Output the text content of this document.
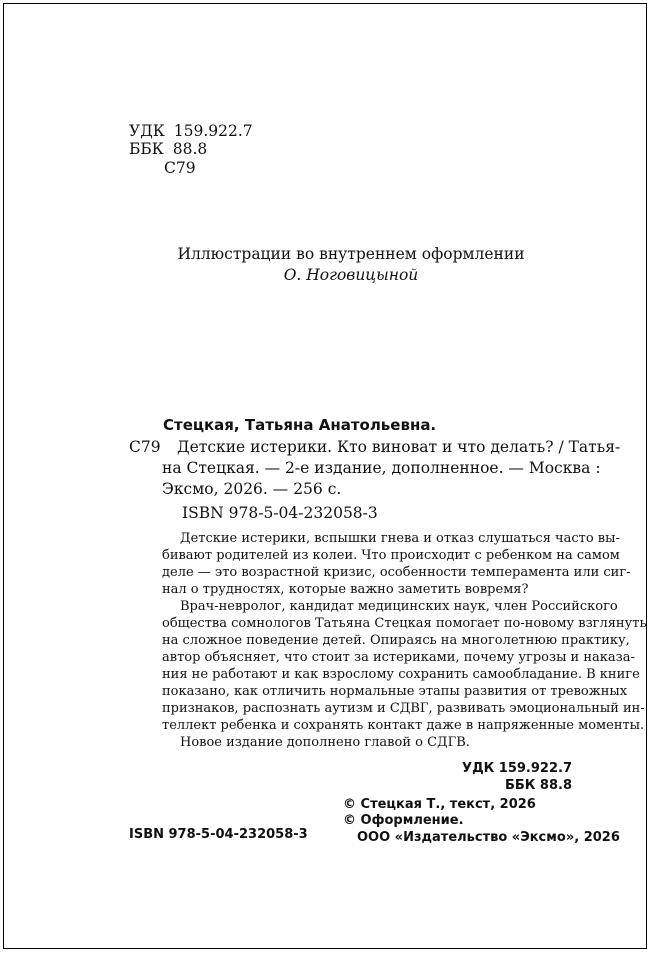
УДК 159.922.7
ББК 88.8
С79
Иллюстрации во внутреннем оформлении
О. Ноговицыной
Стецкая, Татьяна Анатольевна.
С79 Детские истерики. Кто виноват и что делать? / Татья-
на Стецкая. — 2-е издание, дополненное. — Москва :
Эксмо, 2026. — 256 с.
ISBN 978-5-04-232058-3
Детские истерики, вспышки гнева и отказ слушаться часто вы-
бивают родителей из колеи. Что происходит с ребенком на самом
деле — это возрастной кризис, особенности темперамента или сиг-
нал о трудностях, которые важно заметить вовремя?
Врач-невролог, кандидат медицинских наук, член Российского
общества сомнологов Татьяна Стецкая помогает по-новому взглянуть
на сложное поведение детей. Опираясь на многолетнюю практику,
автор объясняет, что стоит за истериками, почему угрозы и наказа-
ния не работают и как взрослому сохранить самообладание. В книге
показано, как отличить нормальные этапы развития от тревожных
признаков, распознать аутизм и СДВГ, развивать эмоциональный ин-
теллект ребенка и сохранять контакт даже в напряженные моменты.
Новое издание дополнено главой о СДГВ.
УДК 159.922.7
ББК 88.8
ISBN 978-5-04-232058-3
© Стецкая Т., текст, 2026
© Оформление.
ООО «Издательство «Эксмо», 2026
